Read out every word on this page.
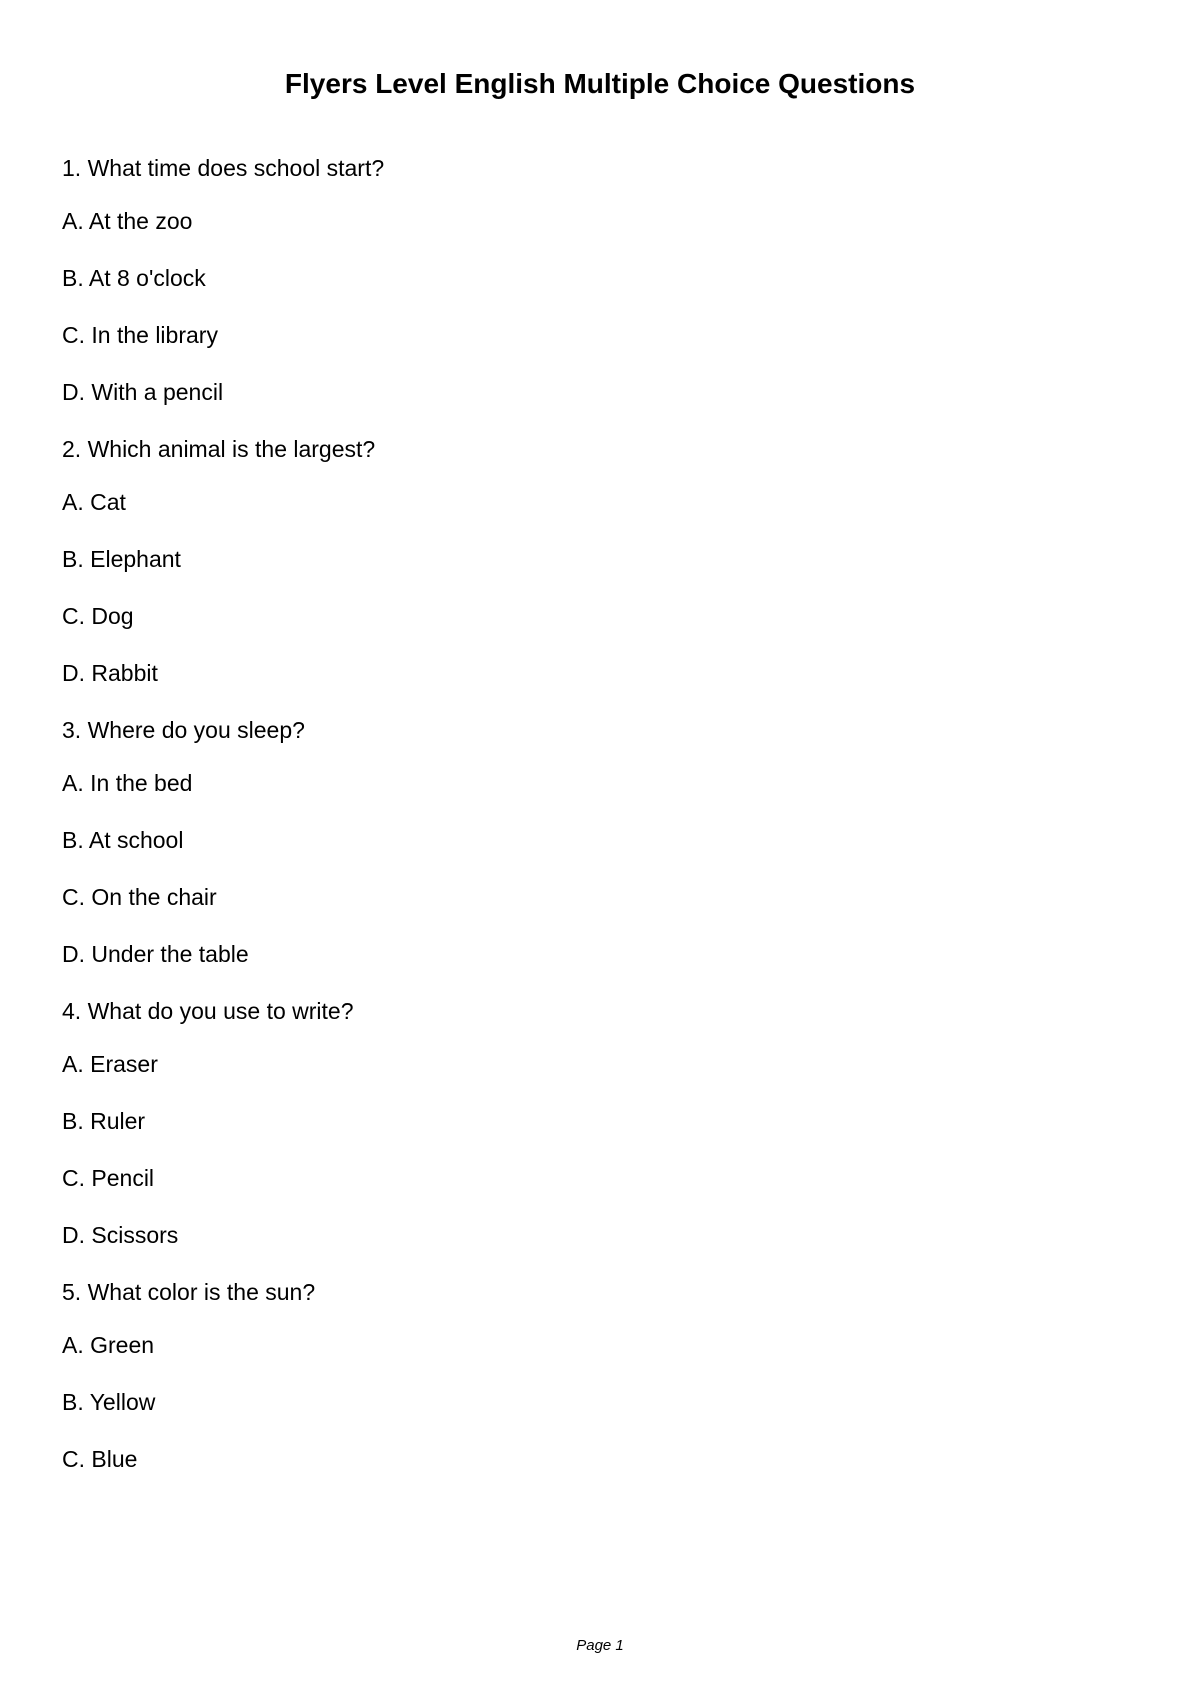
Flyers Level English Multiple Choice Questions

1. What time does school start?

A. At the zoo

B. At 8 o'clock

C. In the library

D. With a pencil

2. Which animal is the largest?

A. Cat

B. Elephant

C. Dog

D. Rabbit

3. Where do you sleep?

A. In the bed

B. At school

C. On the chair

D. Under the table

4. What do you use to write?

A. Eraser

B. Ruler

C. Pencil

D. Scissors

5. What color is the sun?

A. Green

B. Yellow

C. Blue

Page 1
